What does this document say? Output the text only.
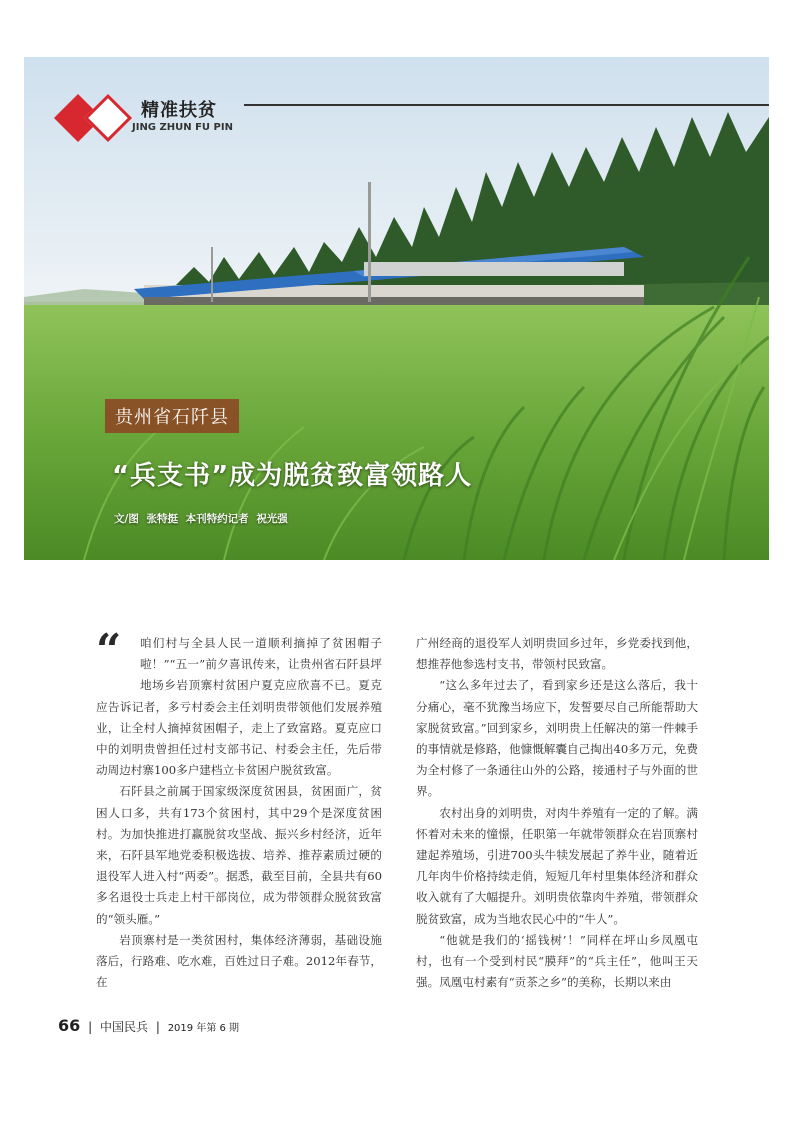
精准扶贫
JING ZHUN FU PIN
贵州省石阡县
“兵支书”成为脱贫致富领路人
文/图 张特挺 本刊特约记者 祝光强
“	咱们村与全县人民一道顺利摘掉了贫困帽子啦！”“五一”前夕喜讯传来，让贵州省石阡县坪地场乡岩顶寨村贫困户夏克应欣喜不已。夏克应告诉记者，多亏村委会主任刘明贵带领他们发展养殖业，让全村人摘掉贫困帽子，走上了致富路。夏克应口中的刘明贵曾担任过村支部书记、村委会主任，先后带动周边村寨100多户建档立卡贫困户脱贫致富。

石阡县之前属于国家级深度贫困县，贫困面广，贫困人口多，共有173个贫困村，其中29个是深度贫困村。为加快推进打赢脱贫攻坚战、振兴乡村经济，近年来，石阡县军地党委积极选拔、培养、推荐素质过硬的退役军人进入村“两委”。据悉，截至目前，全县共有60多名退役士兵走上村干部岗位，成为带领群众脱贫致富的“领头雁。”

岩顶寨村是一类贫困村，集体经济薄弱，基础设施落后，行路难、吃水难，百姓过日子难。2012年春节，在

广州经商的退役军人刘明贵回乡过年，乡党委找到他，想推荐他参选村支书，带领村民致富。

“这么多年过去了，看到家乡还是这么落后，我十分痛心，毫不犹豫当场应下，发誓要尽自己所能帮助大家脱贫致富。”回到家乡，刘明贵上任解决的第一件棘手的事情就是修路，他慷慨解囊自己掏出40多万元，免费为全村修了一条通往山外的公路，接通村子与外面的世界。

农村出身的刘明贵，对肉牛养殖有一定的了解。满怀着对未来的憧憬，任职第一年就带领群众在岩顶寨村建起养殖场，引进700头牛犊发展起了养牛业，随着近几年肉牛价格持续走俏，短短几年村里集体经济和群众收入就有了大幅提升。刘明贵依靠肉牛养殖，带领群众脱贫致富，成为当地农民心中的“牛人”。

“他就是我们的‘摇钱树’！”同样在坪山乡凤凰屯村，也有一个受到村民“膜拜”的“兵主任”，他叫王天强。凤凰屯村素有“贡茶之乡”的美称，长期以来由

66 | 中国民兵 | 2019 年第 6 期
